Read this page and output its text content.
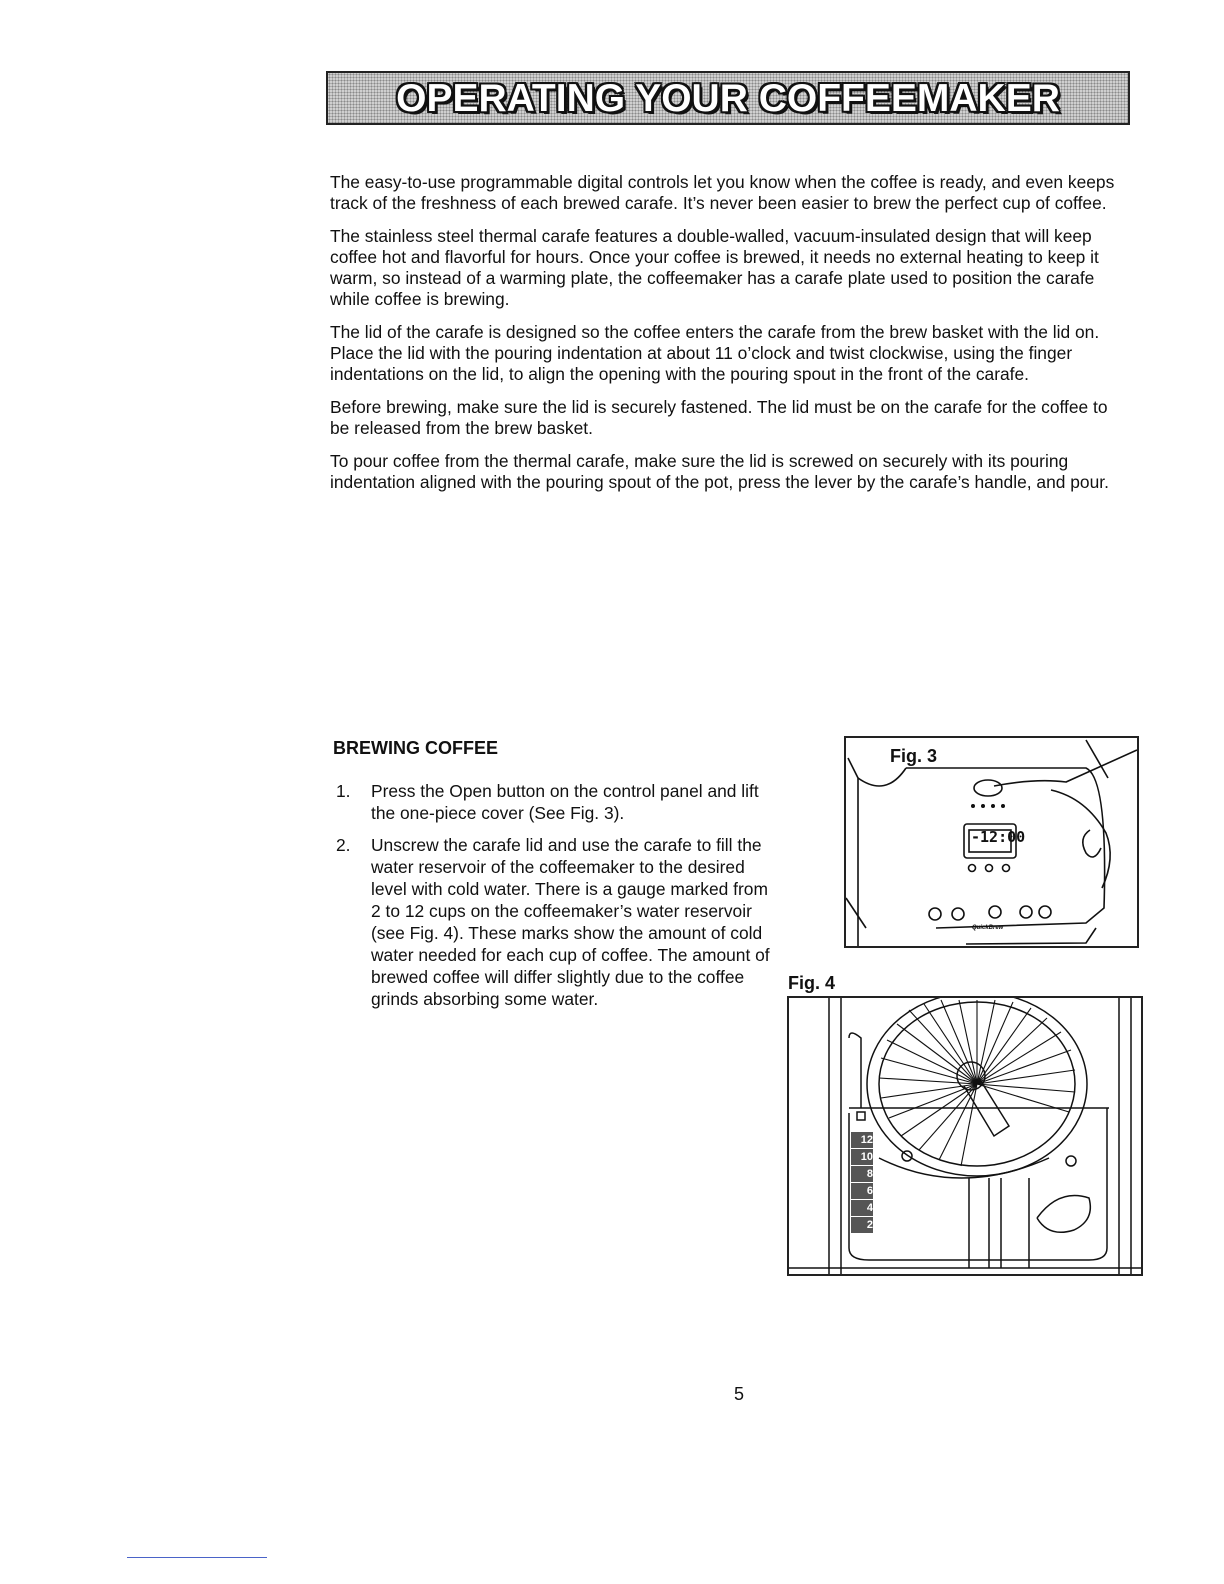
OPERATING YOUR COFFEEMAKER

The easy-to-use programmable digital controls let you know when the coffee is ready, and even keeps track of the freshness of each brewed carafe. It’s never been easier to brew the perfect cup of coffee.

The stainless steel thermal carafe features a double-walled, vacuum-insulated design that will keep coffee hot and flavorful for hours. Once your coffee is brewed, it needs no external heating to keep it warm, so instead of a warming plate, the coffeemaker has a carafe plate used to position the carafe while coffee is brewing.

The lid of the carafe is designed so the coffee enters the carafe from the brew basket with the lid on. Place the lid with the pouring indentation at about 11 o’clock and twist clockwise, using the finger indentations on the lid, to align the opening with the pouring spout in the front of the carafe.

Before brewing, make sure the lid is securely fastened. The lid must be on the carafe for the coffee to be released from the brew basket.

To pour coffee from the thermal carafe, make sure the lid is screwed on securely with its pouring indentation aligned with the pouring spout of the pot, press the lever by the carafe’s handle, and pour.

BREWING COFFEE
1. Press the Open button on the control panel and lift the one-piece cover (See Fig. 3).
2. Unscrew the carafe lid and use the carafe to fill the water reservoir of the coffeemaker to the desired level with cold water. There is a gauge marked from 2 to 12 cups on the coffeemaker’s water reservoir (see Fig. 4). These marks show the amount of cold water needed for each cup of coffee. The amount of brewed coffee will differ slightly due to the coffee grinds absorbing some water.
Fig. 3
-12:00
QuickBrew
Fig. 4
12
10
8
6
4
2
5
